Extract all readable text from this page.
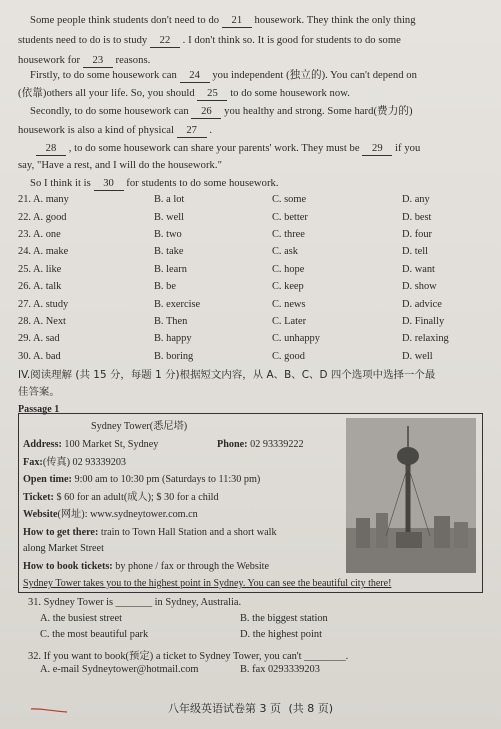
Some people think students don't need to do 21 housework. They think the only thing
students need to do is to study 22 . I don't think so. It is good for students to do some
housework for 23 reasons.
Firstly, to do some housework can 24 you independent (独立的). You can't depend on
(依靠)others all your life. So, you should 25 to do some housework now.
Secondly, to do some housework can 26 you healthy and strong. Some hard(费力的)
housework is also a kind of physical 27 .
28 , to do some housework can share your parents' work. They must be 29 if you
say, "Have a rest, and I will do the housework."
So I think it is 30 for students to do some housework.
21. A. many	B. a lot	C. some	D. any
22. A. good	B. well	C. better	D. best
23. A. one	B. two	C. three	D. four
24. A. make	B. take	C. ask	D. tell
25. A. like	B. learn	C. hope	D. want
26. A. talk	B. be	C. keep	D. show
27. A. study	B. exercise	C. news	D. advice
28. A. Next	B. Then	C. Later	D. Finally
29. A. sad	B. happy	C. unhappy	D. relaxing
30. A. bad	B. boring	C. good	D. well
IV.阅读理解 (共 15 分，每题 1 分)根据短文内容，从 A、B、C、D 四个选项中选择一个最
佳答案。
Passage 1
Sydney Tower(悉尼塔)
Address: 100 Market St, Sydney	Phone: 02 93339222
Fax:(传真) 02 93339203
Open time: 9:00 am to 10:30 pm (Saturdays to 11:30 pm)
Ticket: $ 60 for an adult(成人); $ 30 for a child
Website(网址): www.sydneytower.com.cn
How to get there: train to Town Hall Station and a short walk
along Market Street
How to book tickets: by phone / fax or through the Website
Sydney Tower takes you to the highest point in Sydney. You can see the beautiful city there!
31. Sydney Tower is _______ in Sydney, Australia.
A. the busiest street	B. the biggest station
C. the most beautiful park	D. the highest point
32. If you want to book(预定) a ticket to Sydney Tower, you can't ________.
A. e-mail Sydneytower@hotmail.com	B. fax 0293339203
八年级英语试卷第 3 页 (共 8 页)
